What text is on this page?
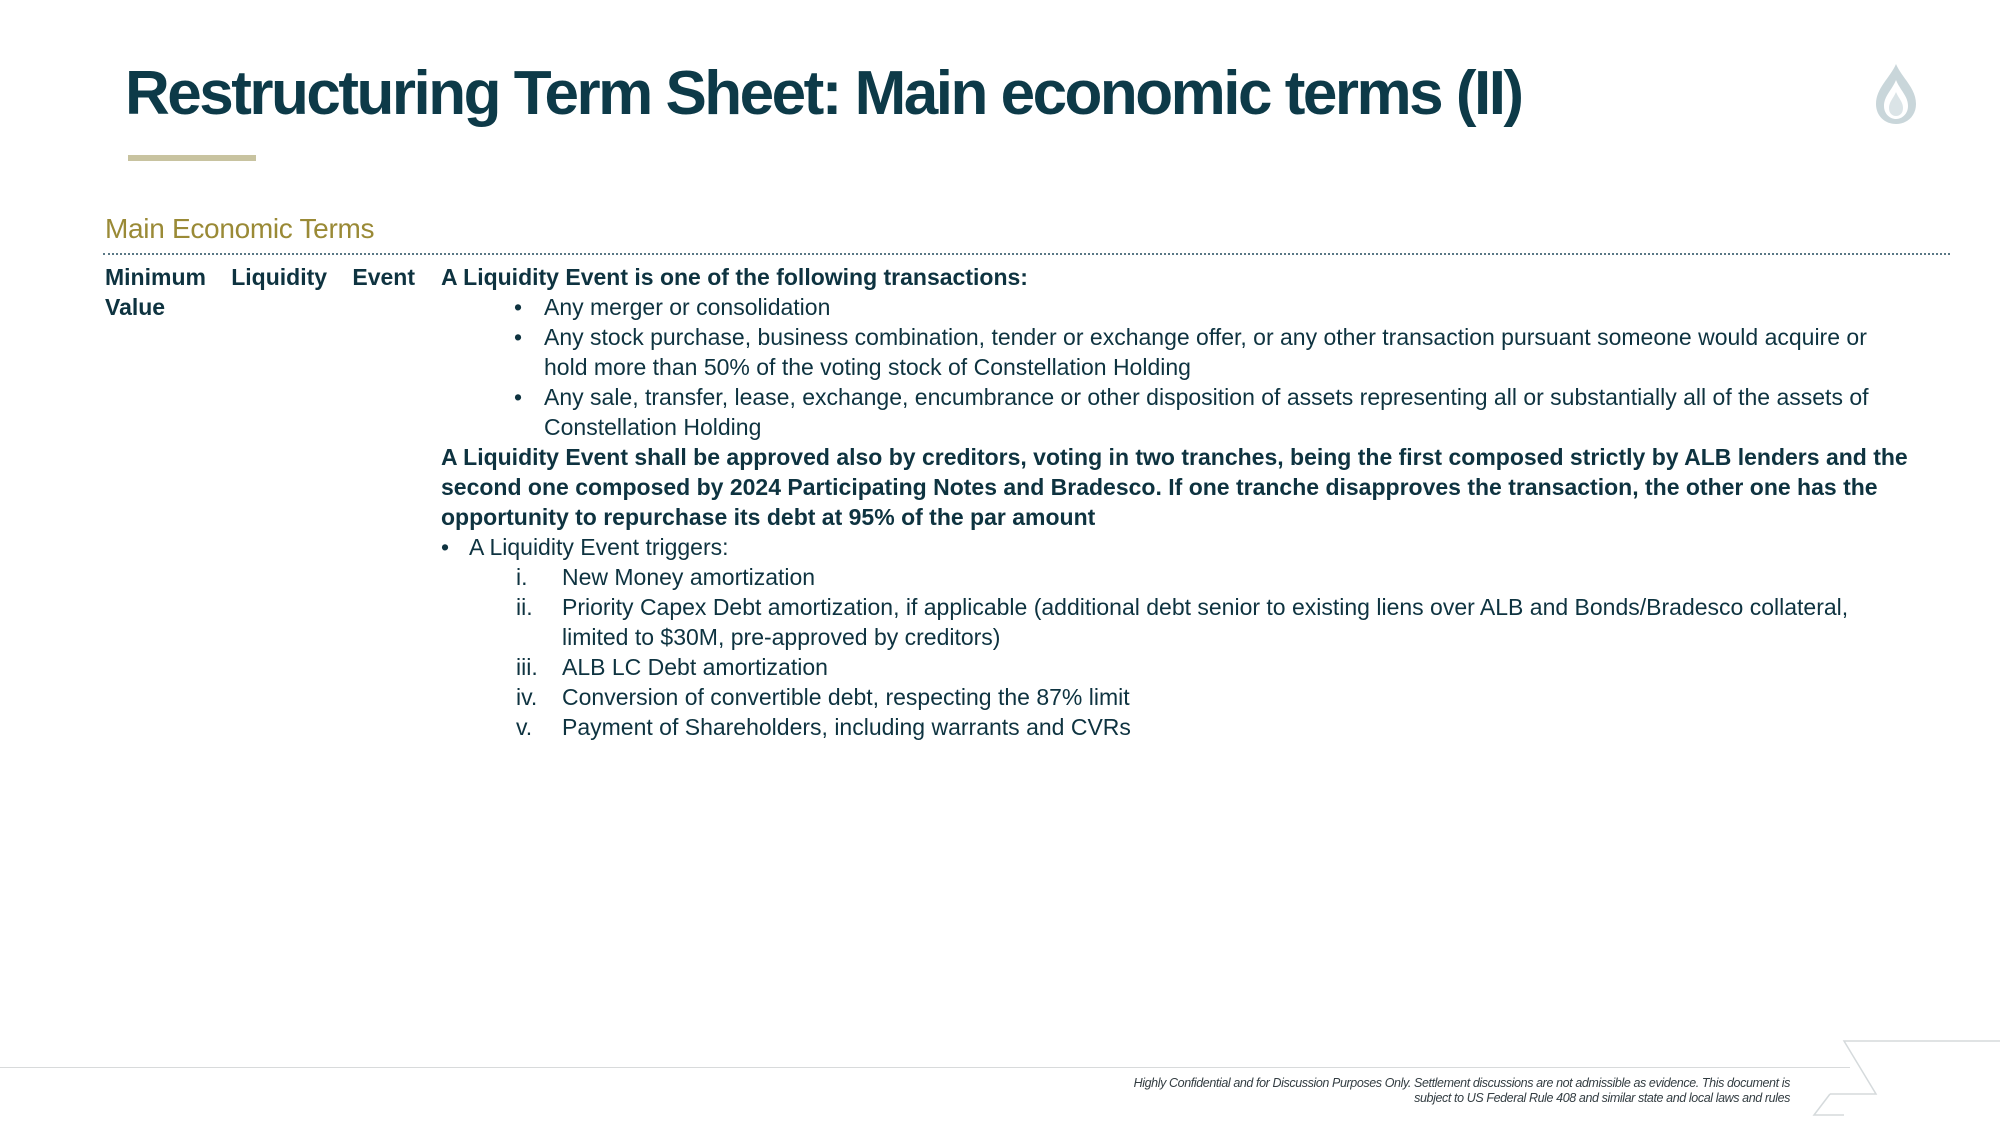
Restructuring Term Sheet: Main economic terms (II)
Main Economic Terms
Minimum Liquidity Event Value

A Liquidity Event is one of the following transactions:

• Any merger or consolidation
• Any stock purchase, business combination, tender or exchange offer, or any other transaction pursuant someone would acquire or hold more than 50% of the voting stock of Constellation Holding
• Any sale, transfer, lease, exchange, encumbrance or other disposition of assets representing all or substantially all of the assets of Constellation Holding

A Liquidity Event shall be approved also by creditors, voting in two tranches, being the first composed strictly by ALB lenders and the second one composed by 2024 Participating Notes and Bradesco. If one tranche disapproves the transaction, the other one has the opportunity to repurchase its debt at 95% of the par amount

• A Liquidity Event triggers:
i. New Money amortization
ii. Priority Capex Debt amortization, if applicable (additional debt senior to existing liens over ALB and Bonds/Bradesco collateral, limited to $30M, pre-approved by creditors)
iii. ALB LC Debt amortization
iv. Conversion of convertible debt, respecting the 87% limit
v. Payment of Shareholders, including warrants and CVRs
Highly Confidential and for Discussion Purposes Only. Settlement discussions are not admissible as evidence. This document is
subject to US Federal Rule 408 and similar state and local laws and rules
